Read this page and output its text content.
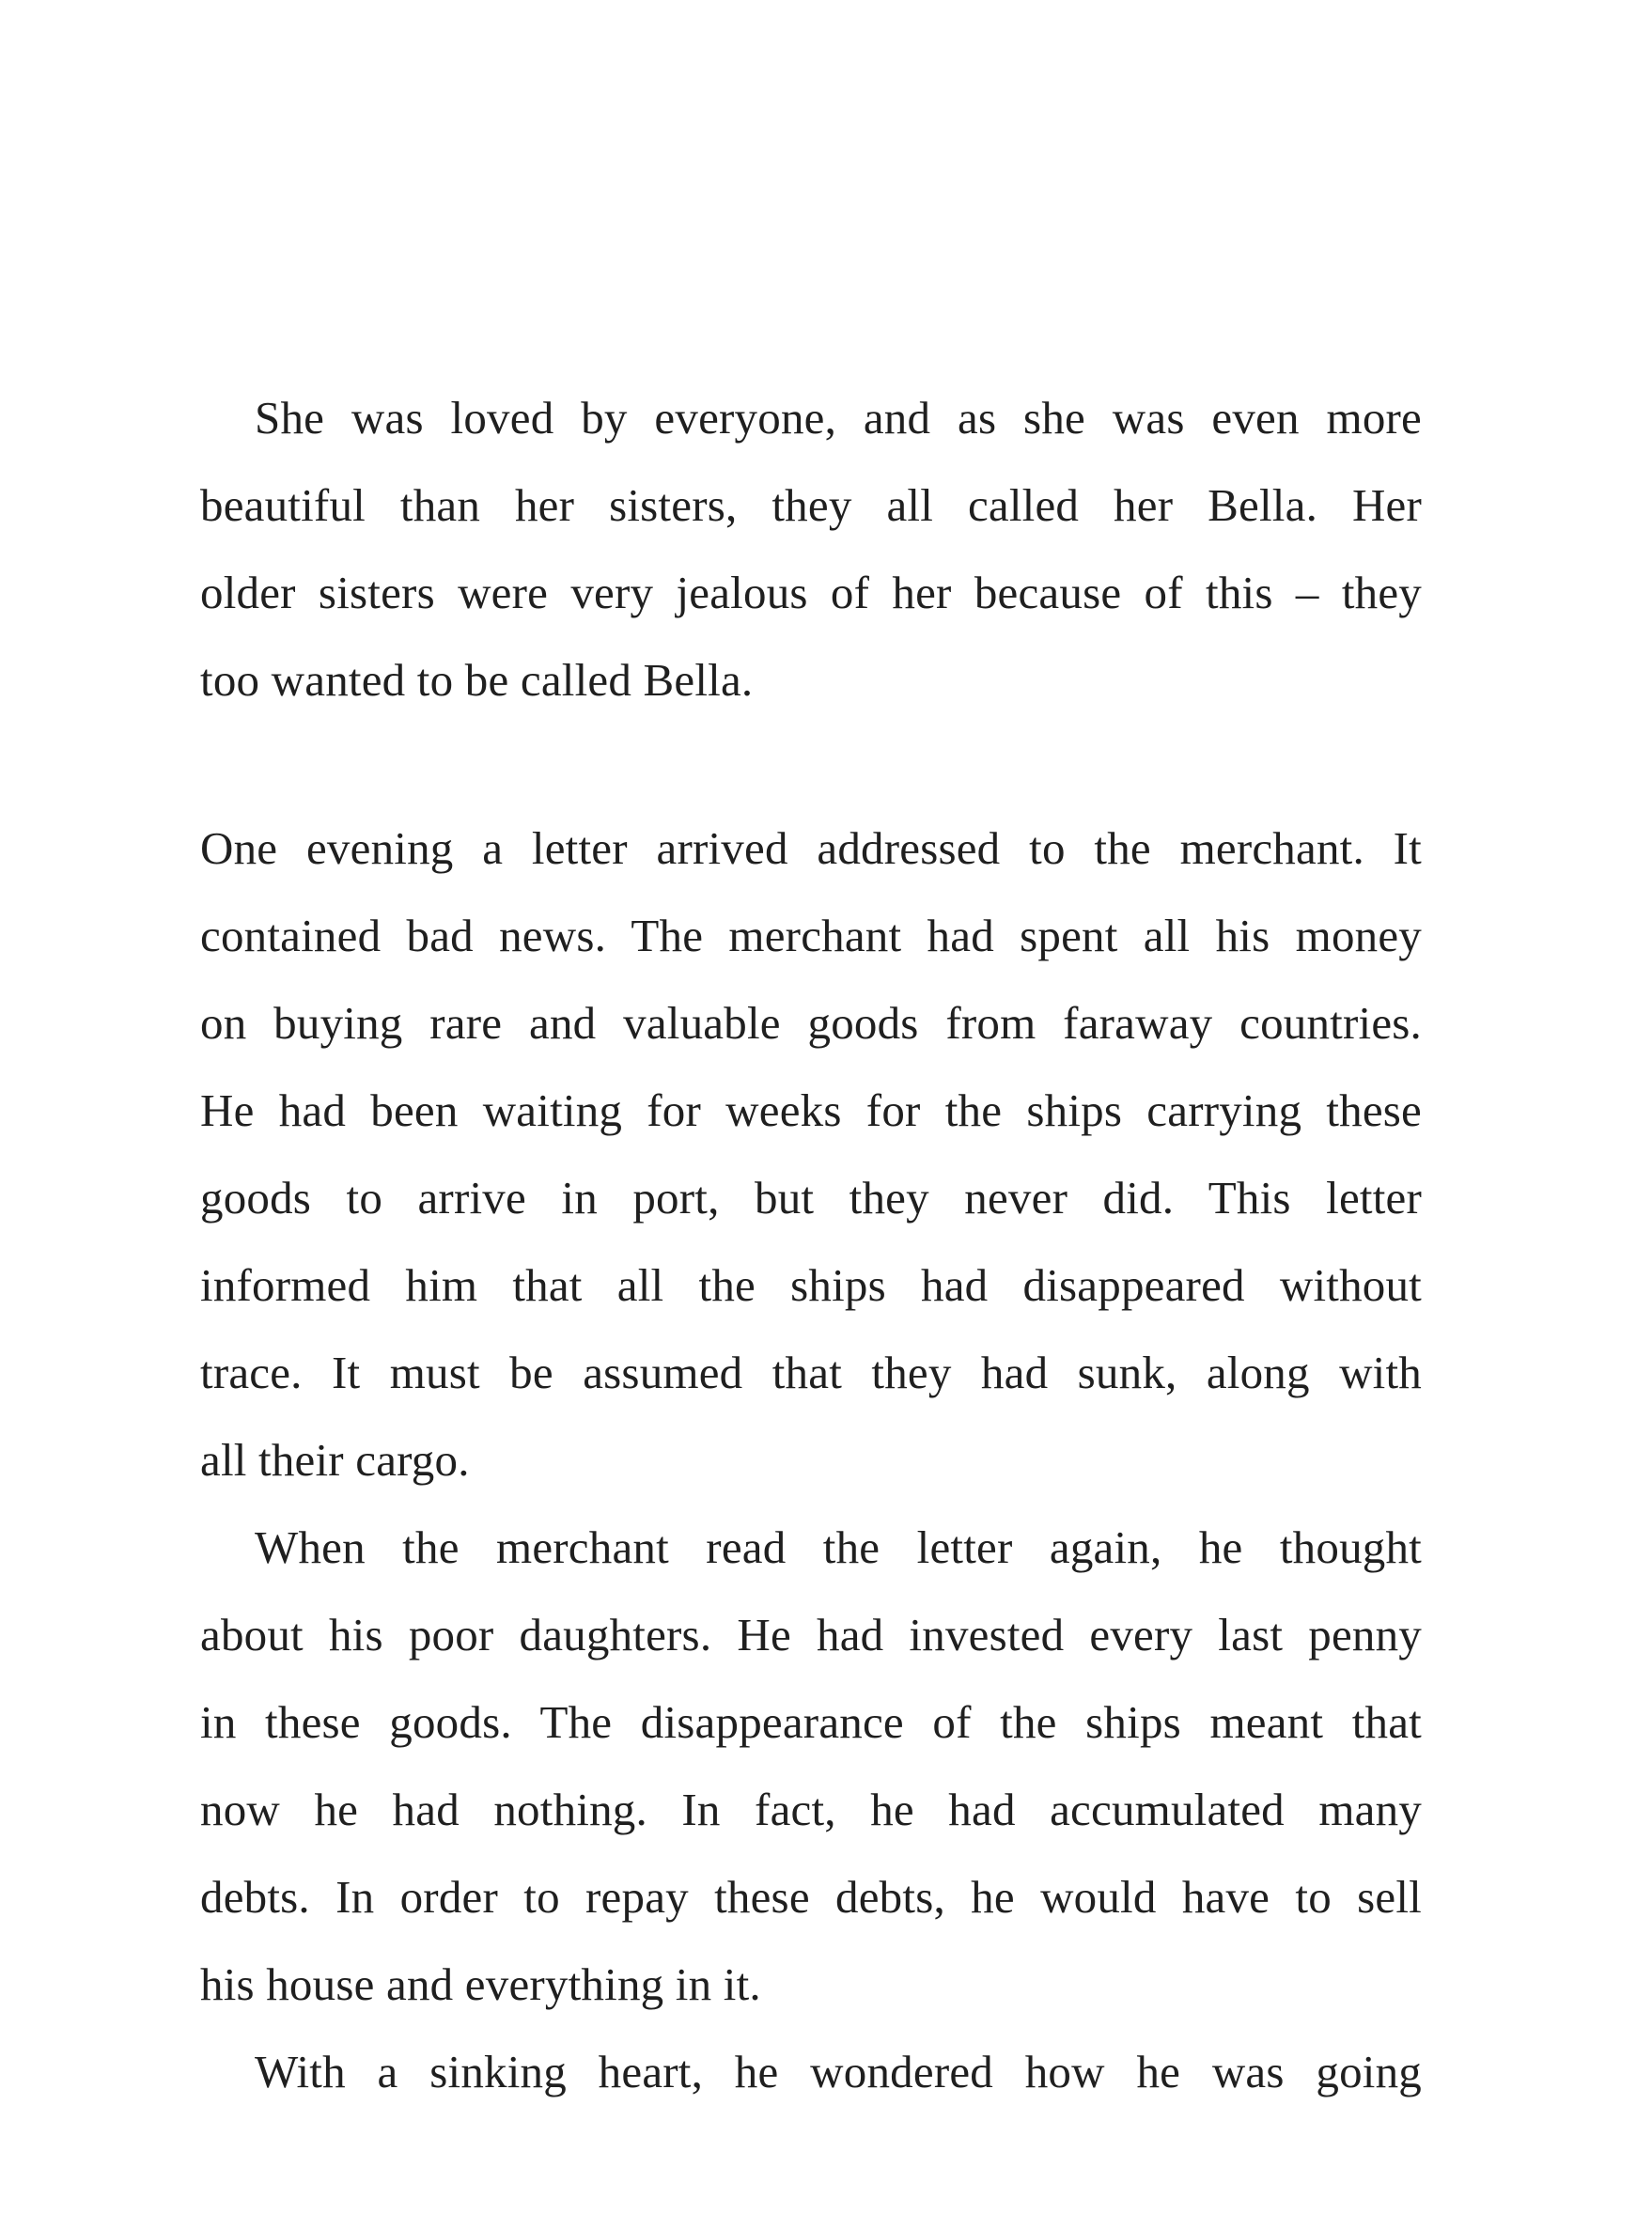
She was loved by everyone, and as she was even more
beautiful than her sisters, they all called her Bella. Her
older sisters were very jealous of her because of this – they
too wanted to be called Bella.
One evening a letter arrived addressed to the merchant. It
contained bad news. The merchant had spent all his money
on buying rare and valuable goods from faraway countries.
He had been waiting for weeks for the ships carrying these
goods to arrive in port, but they never did. This letter
informed him that all the ships had disappeared without
trace. It must be assumed that they had sunk, along with
all their cargo.
When the merchant read the letter again, he thought
about his poor daughters. He had invested every last penny
in these goods. The disappearance of the ships meant that
now he had nothing. In fact, he had accumulated many
debts. In order to repay these debts, he would have to sell
his house and everything in it.
With a sinking heart, he wondered how he was going
